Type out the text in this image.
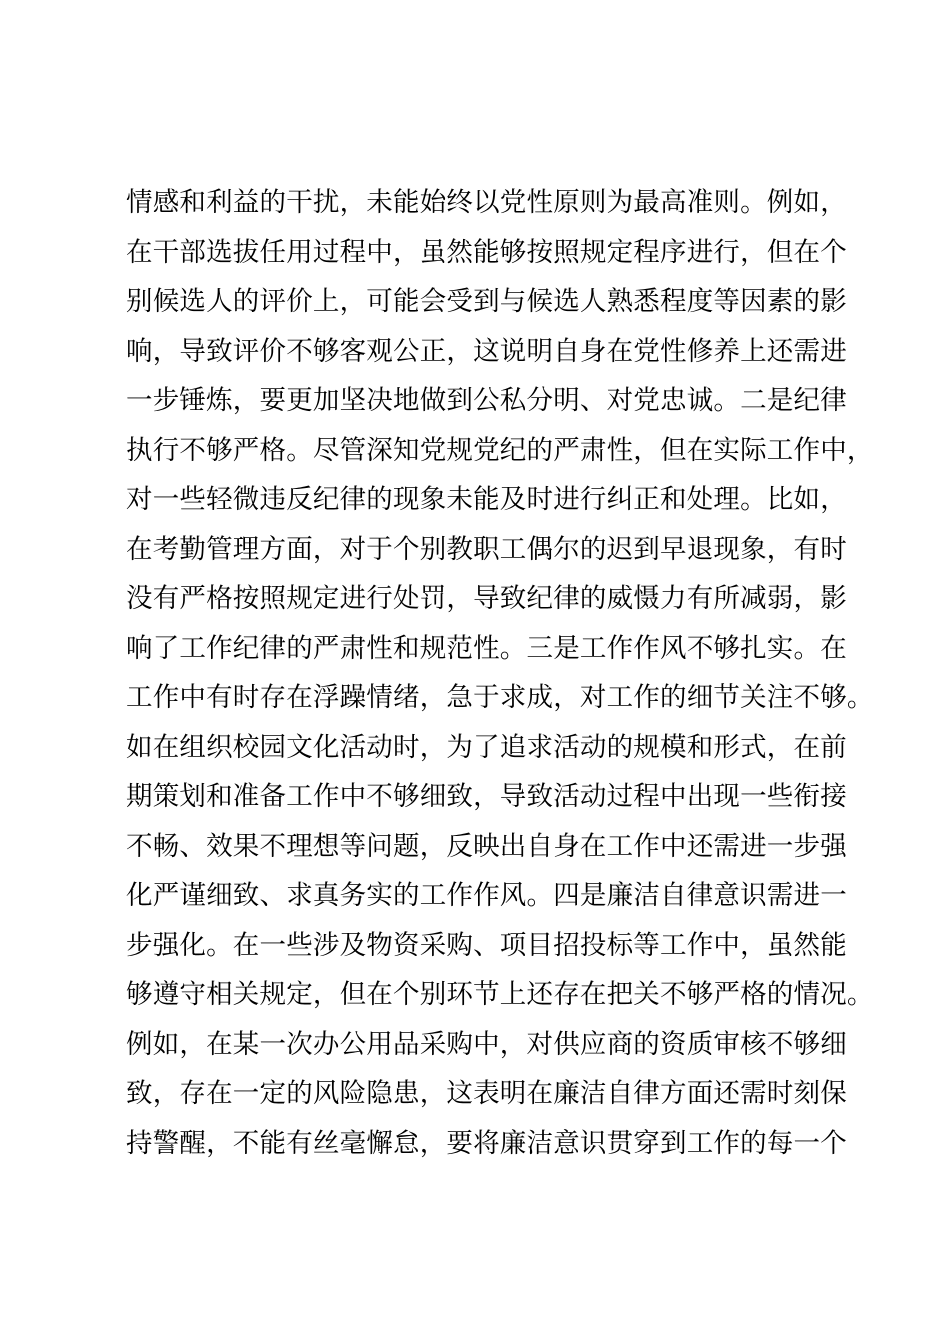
情感和利益的干扰，未能始终以党性原则为最高准则。例如，
在干部选拔任用过程中，虽然能够按照规定程序进行，但在个
别候选人的评价上，可能会受到与候选人熟悉程度等因素的影
响，导致评价不够客观公正，这说明自身在党性修养上还需进
一步锤炼，要更加坚决地做到公私分明、对党忠诚。二是纪律
执行不够严格。尽管深知党规党纪的严肃性，但在实际工作中，
对一些轻微违反纪律的现象未能及时进行纠正和处理。比如，
在考勤管理方面，对于个别教职工偶尔的迟到早退现象，有时
没有严格按照规定进行处罚，导致纪律的威慑力有所减弱，影
响了工作纪律的严肃性和规范性。三是工作作风不够扎实。在
工作中有时存在浮躁情绪，急于求成，对工作的细节关注不够。
如在组织校园文化活动时，为了追求活动的规模和形式，在前
期策划和准备工作中不够细致，导致活动过程中出现一些衔接
不畅、效果不理想等问题，反映出自身在工作中还需进一步强
化严谨细致、求真务实的工作作风。四是廉洁自律意识需进一
步强化。在一些涉及物资采购、项目招投标等工作中，虽然能
够遵守相关规定，但在个别环节上还存在把关不够严格的情况。
例如，在某一次办公用品采购中，对供应商的资质审核不够细
致，存在一定的风险隐患，这表明在廉洁自律方面还需时刻保
持警醒，不能有丝毫懈怠，要将廉洁意识贯穿到工作的每一个
